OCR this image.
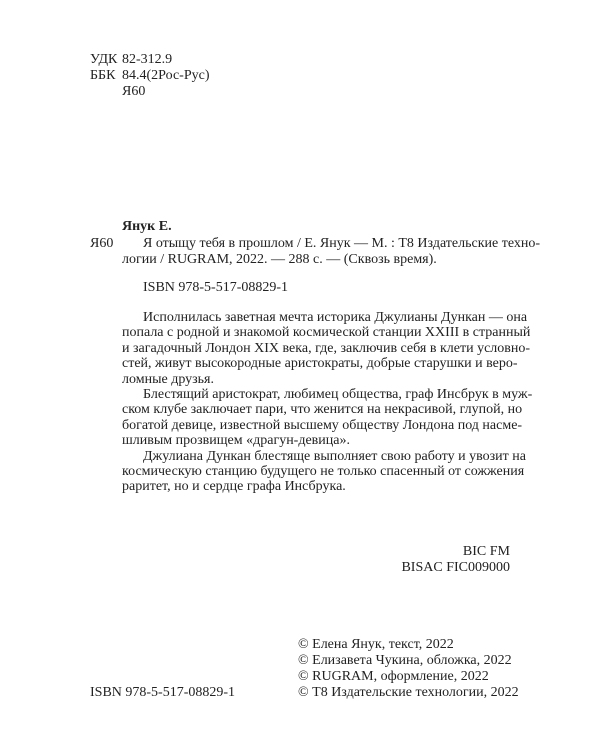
УДК 82-312.9
ББК 84.4(2Рос-Рус)
Я60
Янук Е.
Я60	Я отыщу тебя в прошлом / Е. Янук — М. : Т8 Издательские техно-
логии / RUGRAM, 2022. — 288 с. — (Сквозь время).
ISBN 978-5-517-08829-1
Исполнилась заветная мечта историка Джулианы Дункан — она
попала с родной и знакомой космической станции XXIII в странный
и загадочный Лондон XIX века, где, заключив себя в клети условно-
стей, живут высокородные аристократы, добрые старушки и веро-
ломные друзья.
Блестящий аристократ, любимец общества, граф Инсбрук в муж-
ском клубе заключает пари, что женится на некрасивой, глупой, но
богатой девице, известной высшему обществу Лондона под насме-
шливым прозвищем «драгун-девица».
Джулиана Дункан блестяще выполняет свою работу и увозит на
космическую станцию будущего не только спасенный от сожжения
раритет, но и сердце графа Инсбрука.
BIC FM
BISAC FIC009000
© Елена Янук, текст, 2022
© Елизавета Чукина, обложка, 2022
© RUGRAM, оформление, 2022
© Т8 Издательские технологии, 2022
ISBN 978-5-517-08829-1
